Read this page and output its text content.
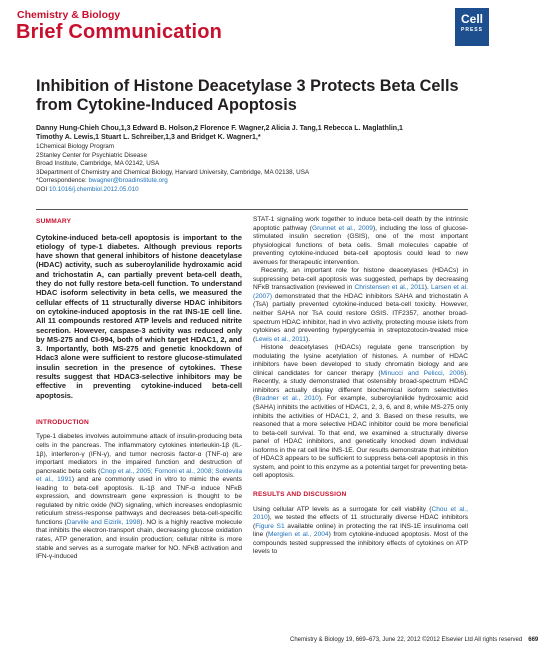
Chemistry & Biology
Brief Communication
Cell
PRESS
Inhibition of Histone Deacetylase 3 Protects Beta Cells from Cytokine-Induced Apoptosis
Danny Hung-Chieh Chou,1,3 Edward B. Holson,2 Florence F. Wagner,2 Alicia J. Tang,1 Rebecca L. Maglathlin,1
Timothy A. Lewis,1 Stuart L. Schreiber,1,3 and Bridget K. Wagner1,*
1Chemical Biology Program
2Stanley Center for Psychiatric Disease
Broad Institute, Cambridge, MA 02142, USA
3Department of Chemistry and Chemical Biology, Harvard University, Cambridge, MA 02138, USA
*Correspondence: bwagner@broadinstitute.org
DOI 10.1016/j.chembiol.2012.05.010
SUMMARY
Cytokine-induced beta-cell apoptosis is important to the etiology of type-1 diabetes. Although previous reports have shown that general inhibitors of histone deacetylase (HDAC) activity, such as suberoylanilide hydroxamic acid and trichostatin A, can partially prevent beta-cell death, they do not fully restore beta-cell function. To understand HDAC isoform selectivity in beta cells, we measured the cellular effects of 11 structurally diverse HDAC inhibitors on cytokine-induced apoptosis in the rat INS-1E cell line. All 11 compounds restored ATP levels and reduced nitrite secretion. However, caspase-3 activity was reduced only by MS-275 and CI-994, both of which target HDAC1, 2, and 3. Importantly, both MS-275 and genetic knockdown of Hdac3 alone were sufficient to restore glucose-stimulated insulin secretion in the presence of cytokines. These results suggest that HDAC3-selective inhibitors may be effective in preventing cytokine-induced beta-cell apoptosis.
INTRODUCTION

Type-1 diabetes involves autoimmune attack of insulin-producing beta cells in the pancreas. The inflammatory cytokines interleukin-1β (IL-1β), interferon-γ (IFN-γ), and tumor necrosis factor-α (TNF-α) are important mediators in the impaired function and destruction of pancreatic beta cells (Cnop et al., 2005; Fornoni et al., 2008; Soldevila et al., 1991) and are commonly used in vitro to mimic the events leading to beta-cell apoptosis. IL-1β and TNF-α induce NFκB expression, and downstream gene expression is thought to be regulated by nitric oxide (NO) signaling, which increases endoplasmic reticulum stress-response pathways and decreases beta-cell-specific functions (Darville and Eizirik, 1998). NO is a highly reactive molecule that inhibits the electron-transport chain, decreasing glucose oxidation rates, ATP generation, and insulin production; cellular nitrite is more stable and serves as a surrogate marker for NO. NFκB activation and IFN-γ-induced

STAT-1 signaling work together to induce beta-cell death by the intrinsic apoptotic pathway (Grunnet et al., 2009), including the loss of glucose-stimulated insulin secretion (GSIS), one of the most important physiological functions of beta cells. Small molecules capable of preventing cytokine-induced beta-cell apoptosis could lead to new avenues for therapeutic intervention.

Recently, an important role for histone deacetylases (HDACs) in suppressing beta-cell apoptosis was suggested, perhaps by decreasing NFκB transactivation (reviewed in Christensen et al., 2011). Larsen et al. (2007) demonstrated that the HDAC inhibitors SAHA and trichostatin A (TsA) partially prevented cytokine-induced beta-cell toxicity. However, neither SAHA nor TsA could restore GSIS. ITF2357, another broad-spectrum HDAC inhibitor, had in vivo activity, protecting mouse islets from cytokines and preventing hyperglycemia in streptozotocin-treated mice (Lewis et al., 2011).

Histone deacetylases (HDACs) regulate gene transcription by modulating the lysine acetylation of histones. A number of HDAC inhibitors have been developed to study chromatin biology and are clinical candidates for cancer therapy (Minucci and Pelicci, 2006). Recently, a study demonstrated that ostensibly broad-spectrum HDAC inhibitors actually display different biochemical isoform selectivities (Bradner et al., 2010). For example, suberoylanilide hydroxamic acid (SAHA) inhibits the activities of HDAC1, 2, 3, 6, and 8, while MS-275 only inhibits the activities of HDAC1, 2, and 3. Based on these results, we reasoned that a more selective HDAC inhibitor could be more beneficial to beta-cell survival. To that end, we examined a structurally diverse panel of HDAC inhibitors, and genetically knocked down individual isoforms in the rat cell line INS-1E. Our results demonstrate that inhibition of HDAC3 appears to be sufficient to suppress beta-cell apoptosis in this system, and point to this enzyme as a potential target for preventing beta-cell apoptosis.

RESULTS AND DISCUSSION

Using cellular ATP levels as a surrogate for cell viability (Chou et al., 2010), we tested the effects of 11 structurally diverse HDAC inhibitors (Figure S1 available online) in protecting the rat INS-1E insulinoma cell line (Merglen et al., 2004) from cytokine-induced apoptosis. Most of the compounds tested suppressed the inhibitory effects of cytokines on ATP levels to

Chemistry & Biology 19, 669–673, June 22, 2012 ©2012 Elsevier Ltd All rights reserved 669
